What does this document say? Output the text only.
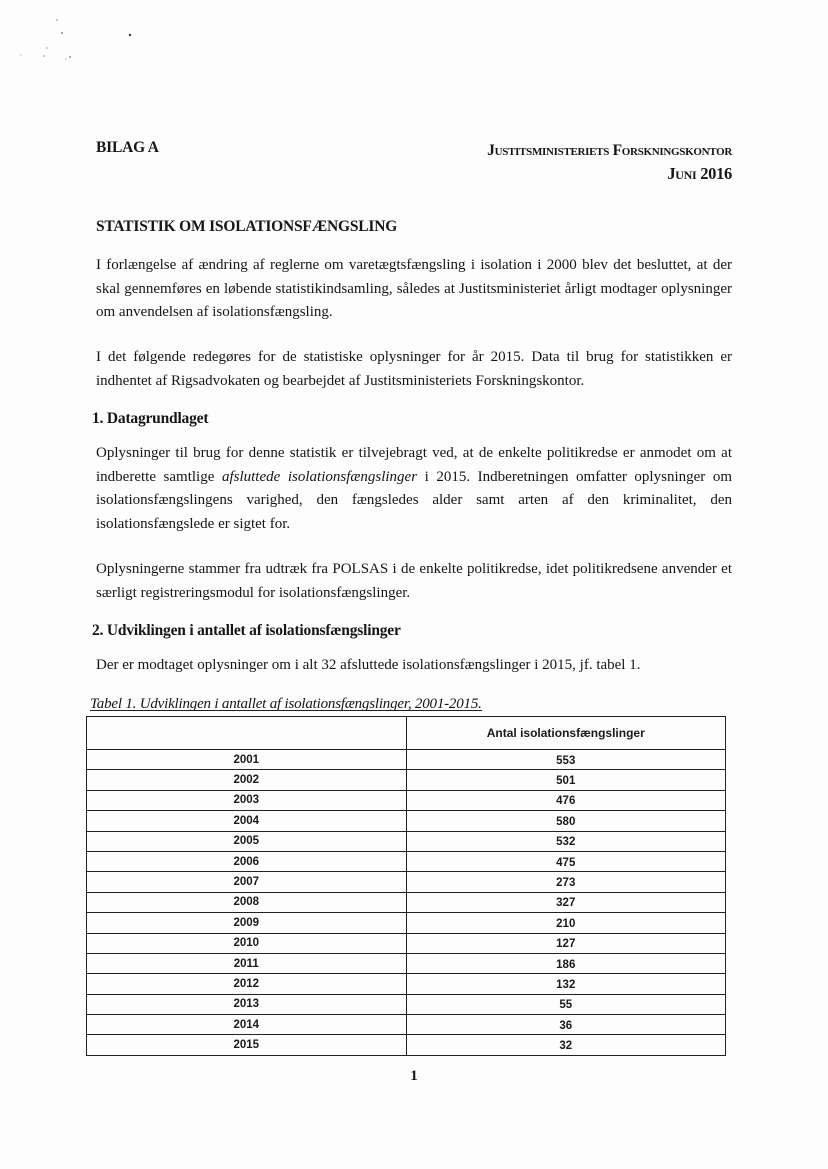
BILAG A	Justitsministeriets Forskningskontor
Juni 2016
STATISTIK OM ISOLATIONSFÆNGSLING

I forlængelse af ændring af reglerne om varetægtsfængsling i isolation i 2000 blev det besluttet, at der skal gennemføres en løbende statistikindsamling, således at Justitsministeriet årligt modtager oplysninger om anvendelsen af isolationsfængsling.

I det følgende redegøres for de statistiske oplysninger for år 2015. Data til brug for statistikken er indhentet af Rigsadvokaten og bearbejdet af Justitsministeriets Forskningskontor.

1. Datagrundlaget

Oplysninger til brug for denne statistik er tilvejebragt ved, at de enkelte politikredse er anmodet om at indberette samtlige afsluttede isolationsfængslinger i 2015. Indberetningen omfatter oplysninger om isolationsfængslingens varighed, den fængsledes alder samt arten af den kriminalitet, den isolationsfængslede er sigtet for.

Oplysningerne stammer fra udtræk fra POLSAS i de enkelte politikredse, idet politikredsene anvender et særligt registreringsmodul for isolationsfængslinger.

2. Udviklingen i antallet af isolationsfængslinger

Der er modtaget oplysninger om i alt 32 afsluttede isolationsfængslinger i 2015, jf. tabel 1.

Tabel 1. Udviklingen i antallet af isolationsfængslinger, 2001-2015.
	Antal isolationsfængslinger
2001	553
2002	501
2003	476
2004	580
2005	532
2006	475
2007	273
2008	327
2009	210
2010	127
2011	186
2012	132
2013	55
2014	36
2015	32
1
